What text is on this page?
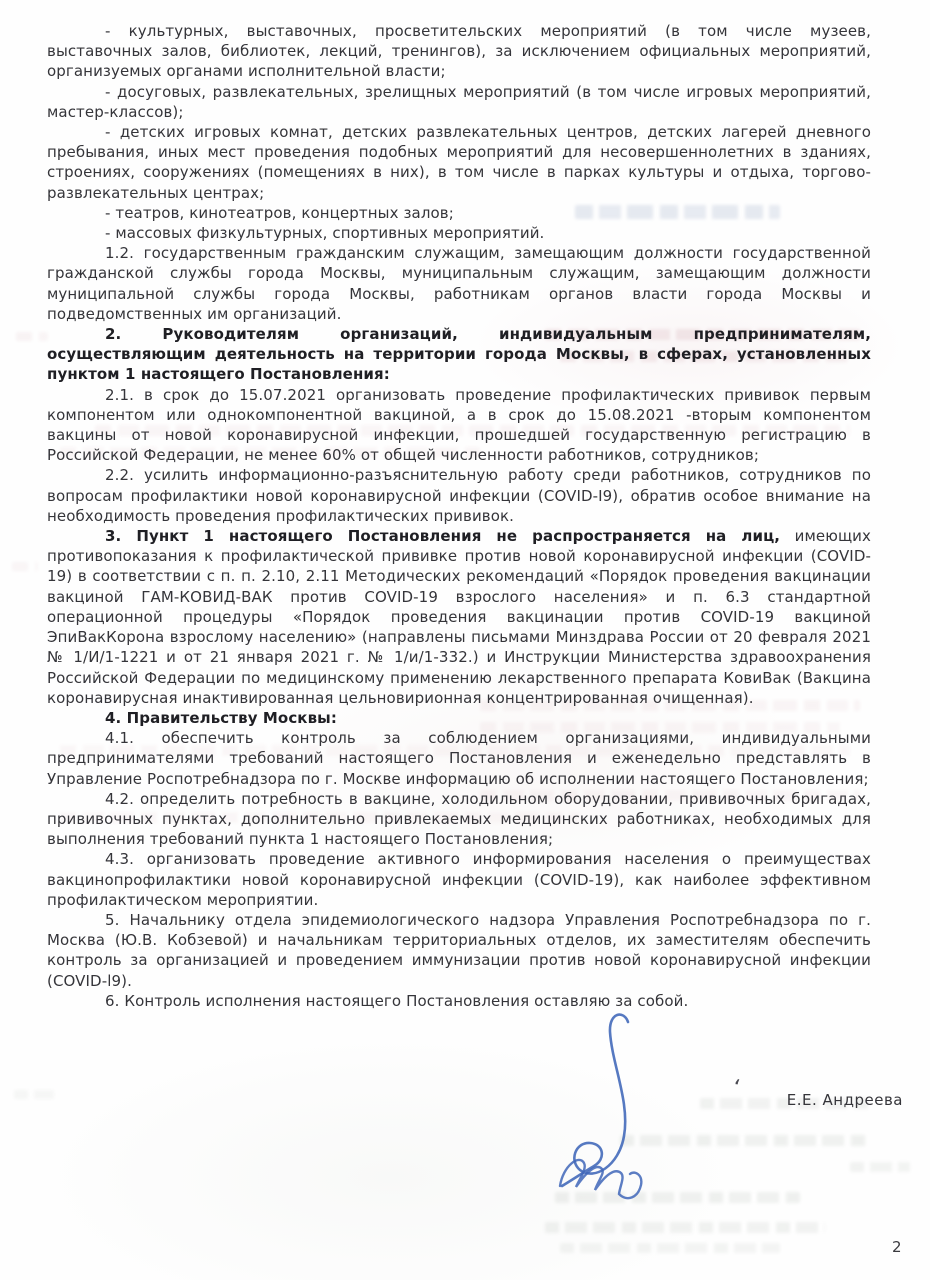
- культурных, выставочных, просветительских мероприятий (в том числе музеев, выставочных залов, библиотек, лекций, тренингов), за исключением официальных мероприятий, организуемых органами исполнительной власти;

- досуговых, развлекательных, зрелищных мероприятий (в том числе игровых мероприятий, мастер-классов);

- детских игровых комнат, детских развлекательных центров, детских лагерей дневного пребывания, иных мест проведения подобных мероприятий для несовершеннолетних в зданиях, строениях, сооружениях (помещениях в них), в том числе в парках культуры и отдыха, торгово-развлекательных центрах;

- театров, кинотеатров, концертных залов;

- массовых физкультурных, спортивных мероприятий.

1.2. государственным гражданским служащим, замещающим должности государственной гражданской службы города Москвы, муниципальным служащим, замещающим должности муниципальной службы города Москвы, работникам органов власти города Москвы и подведомственных им организаций.

2. Руководителям организаций, индивидуальным предпринимателям, осуществляющим деятельность на территории города Москвы, в сферах, установленных пунктом 1 настоящего Постановления:

2.1. в срок до 15.07.2021 организовать проведение профилактических прививок первым компонентом или однокомпонентной вакциной, а в срок до 15.08.2021 -вторым компонентом вакцины от новой коронавирусной инфекции, прошедшей государственную регистрацию в Российской Федерации, не менее 60% от общей численности работников, сотрудников;

2.2. усилить информационно-разъяснительную работу среди работников, сотрудников по вопросам профилактики новой коронавирусной инфекции (COVID-I9), обратив особое внимание на необходимость проведения профилактических прививок.

3. Пункт 1 настоящего Постановления не распространяется на лиц, имеющих противопоказания к профилактической прививке против новой коронавирусной инфекции (COVID-19) в соответствии с п. п. 2.10, 2.11 Методических рекомендаций «Порядок проведения вакцинации вакциной ГАМ-КОВИД-ВАК против COVID-19 взрослого населения» и п. 6.3 стандартной операционной процедуры «Порядок проведения вакцинации против COVID-19 вакциной ЭпиВакКорона взрослому населению» (направлены письмами Минздрава России от 20 февраля 2021 № 1/И/1-1221 и от 21 января 2021 г. № 1/и/1-332.) и Инструкции Министерства здравоохранения Российской Федерации по медицинскому применению лекарственного препарата КовиВак (Вакцина коронавирусная инактивированная цельновирионная концентрированная очищенная).

4. Правительству Москвы:

4.1. обеспечить контроль за соблюдением организациями, индивидуальными предпринимателями требований настоящего Постановления и еженедельно представлять в Управление Роспотребнадзора по г. Москве информацию об исполнении настоящего Постановления;

4.2. определить потребность в вакцине, холодильном оборудовании, прививочных бригадах, прививочных пунктах, дополнительно привлекаемых медицинских работниках, необходимых для выполнения требований пункта 1 настоящего Постановления;

4.3. организовать проведение активного информирования населения о преимуществах вакцинопрофилактики новой коронавирусной инфекции (COVID-19), как наиболее эффективном профилактическом мероприятии.

5. Начальнику отдела эпидемиологического надзора Управления Роспотребнадзора по г. Москва (Ю.В. Кобзевой) и начальникам территориальных отделов, их заместителям обеспечить контроль за организацией и проведением иммунизации против новой коронавирусной инфекции (COVID-l9).

6. Контроль исполнения настоящего Постановления оставляю за собой.

‘	Е.Е. Андреева
2
